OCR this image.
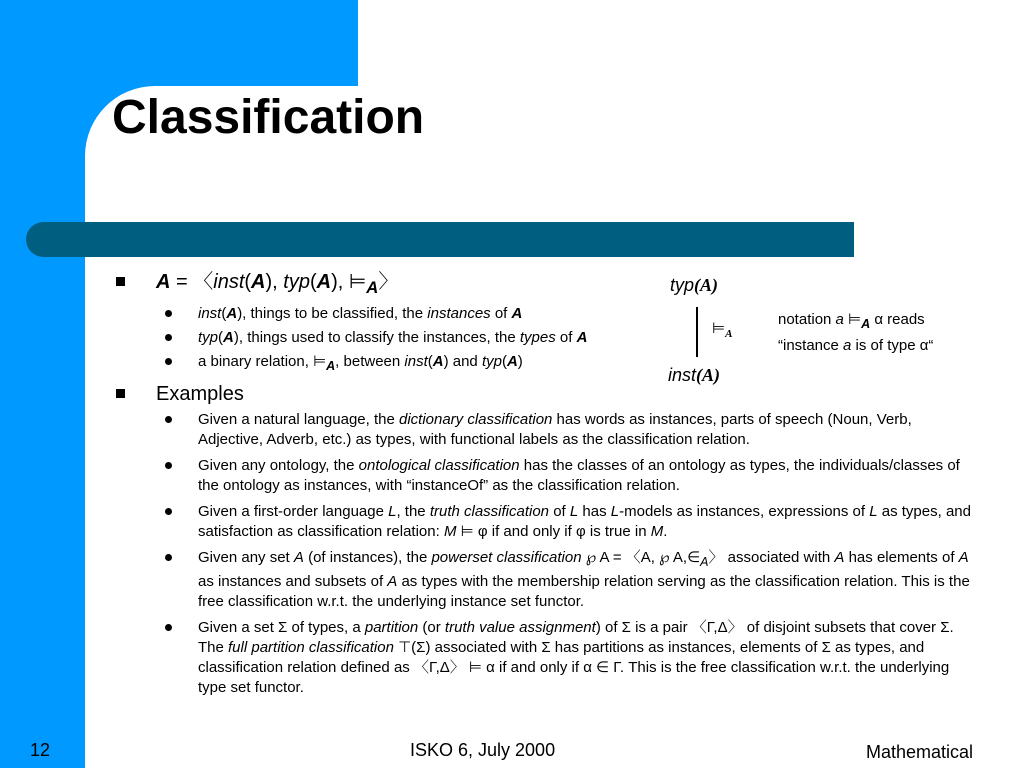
Classification
A = 〈inst(A), typ(A), $⊨_A〉$
inst(A), things to be classified, the instances of A
typ(A), things used to classify the instances, the types of A
a binary relation, $⊨_A$, between inst(A) and typ(A)
Examples
Given a natural language, the dictionary classification has words as instances, parts of speech (Noun, Verb, Adjective, Adverb, etc.) as types, with functional labels as the classification relation.
Given any ontology, the ontological classification has the classes of an ontology as types, the individuals/classes of the ontology as instances, with “instanceOf” as the classification relation.
Given a first-order language L, the truth classification of L has L-models as instances, expressions of L as types, and satisfaction as classification relation: M ⊨ φ if and only if φ is true in M.
Given any set A (of instances), the powerset classification ℘ A = 〈A, ℘ $A,\in_A〉$ associated with A has elements of A as instances and subsets of A as types with the membership relation serving as the classification relation. This is the free classification w.r.t. the underlying instance set functor.
Given a set Σ of types, a partition (or truth value assignment) of Σ is a pair 〈Γ,Δ〉 of disjoint subsets that cover Σ. The full partition classification ⊤(Σ) associated with Σ has partitions as instances, elements of Σ as types, and classification relation defined as 〈Γ,Δ〉 ⊨ α if and only if α ∈ Γ. This is the free classification w.r.t. the underlying type set functor.
typ(A)
$⊨_A$
inst(A)
notation a $⊨_A$ α reads
“instance a is of type α“
12	ISKO 6, July 2000	Mathematical
